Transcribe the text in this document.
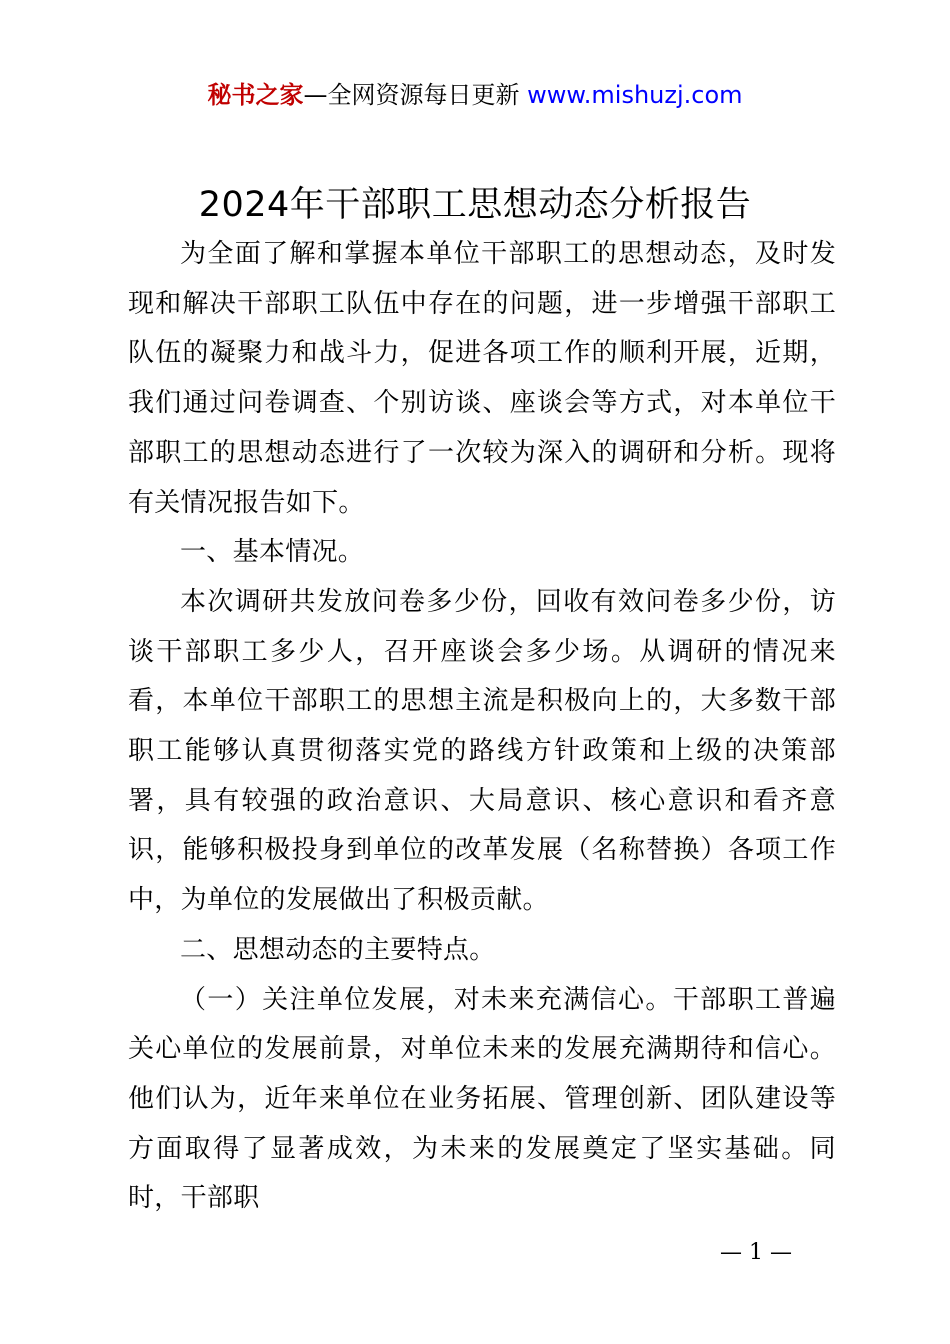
秘书之家—全网资源每日更新 www.mishuzj.com
2024年干部职工思想动态分析报告

为全面了解和掌握本单位干部职工的思想动态，及时发现和解决干部职工队伍中存在的问题，进一步增强干部职工队伍的凝聚力和战斗力，促进各项工作的顺利开展，近期，我们通过问卷调查、个别访谈、座谈会等方式，对本单位干部职工的思想动态进行了一次较为深入的调研和分析。现将有关情况报告如下。

一、基本情况。

本次调研共发放问卷多少份，回收有效问卷多少份，访谈干部职工多少人，召开座谈会多少场。从调研的情况来看，本单位干部职工的思想主流是积极向上的，大多数干部职工能够认真贯彻落实党的路线方针政策和上级的决策部署，具有较强的政治意识、大局意识、核心意识和看齐意识，能够积极投身到单位的改革发展（名称替换）各项工作中，为单位的发展做出了积极贡献。

二、思想动态的主要特点。

（一）关注单位发展，对未来充满信心。干部职工普遍关心单位的发展前景，对单位未来的发展充满期待和信心。他们认为，近年来单位在业务拓展、管理创新、团队建设等方面取得了显著成效，为未来的发展奠定了坚实基础。同时，干部职

— 1 —
